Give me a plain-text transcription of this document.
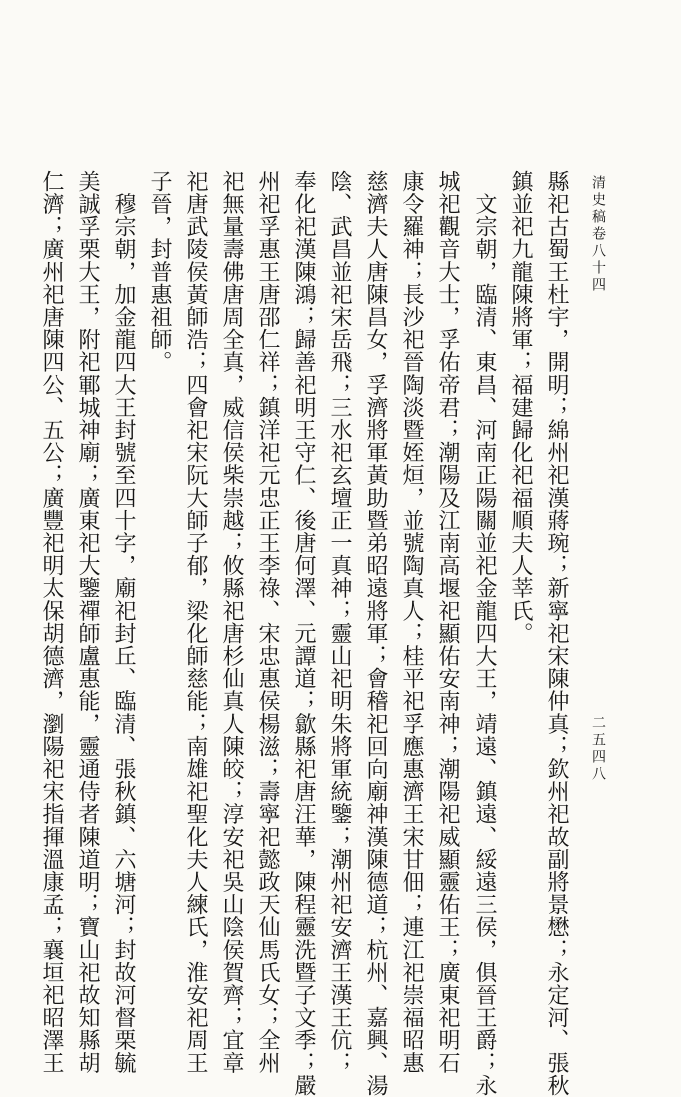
清史稿卷八十四
二五四八
縣祀古蜀王杜宇，開明；綿州祀漢蔣琬；新寧祀宋陳仲真；欽州祀故副將景懋；永定河、張秋
鎮並祀九龍陳將軍；福建歸化祀福順夫人莘氏。
　文宗朝，臨清、東昌、河南正陽關並祀金龍四大王，靖遠、鎮遠、綏遠三侯，俱晉王爵；永
城祀觀音大士，孚佑帝君；潮陽及江南高堰祀顯佑安南神；潮陽祀威顯靈佑王；廣東祀明石
康令羅神；長沙祀晉陶淡暨姪烜，並號陶真人；桂平祀孚應惠濟王宋甘佃；連江祀崇福昭惠
慈濟夫人唐陳昌女，孚濟將軍黃助暨弟昭遠將軍；會稽祀回向廟神漢陳德道；杭州、嘉興、湯
陰、武昌並祀宋岳飛；三水祀玄壇正一真神；靈山祀明朱將軍統鑒；潮州祀安濟王漢王伉；
奉化祀漢陳鴻；歸善祀明王守仁、後唐何澤、元譚道；歙縣祀唐汪華，陳程靈洗暨子文季；嚴
州祀孚惠王唐邵仁祥；鎮洋祀元忠正王李祿、宋忠惠侯楊滋；壽寧祀懿政天仙馬氏女；全州
祀無量壽佛唐周全真，威信侯柴崇越；攸縣祀唐杉仙真人陳皎；淳安祀吳山陰侯賀齊；宜章
祀唐武陵侯黃師浩；四會祀宋阮大師子郁，梁化師慈能；南雄祀聖化夫人練氏，淮安祀周王
子晉，封普惠祖師。
　穆宗朝，加金龍四大王封號至四十字，廟祀封丘、臨清、張秋鎮、六塘河；封故河督栗毓
美誠孚栗大王，附祀鄆城神廟；廣東祀大鑒禪師盧惠能，靈通侍者陳道明；寶山祀故知縣胡
仁濟；廣州祀唐陳四公、五公；廣豐祀明太保胡德濟，瀏陽祀宋指揮溫康孟；襄垣祀昭澤王
